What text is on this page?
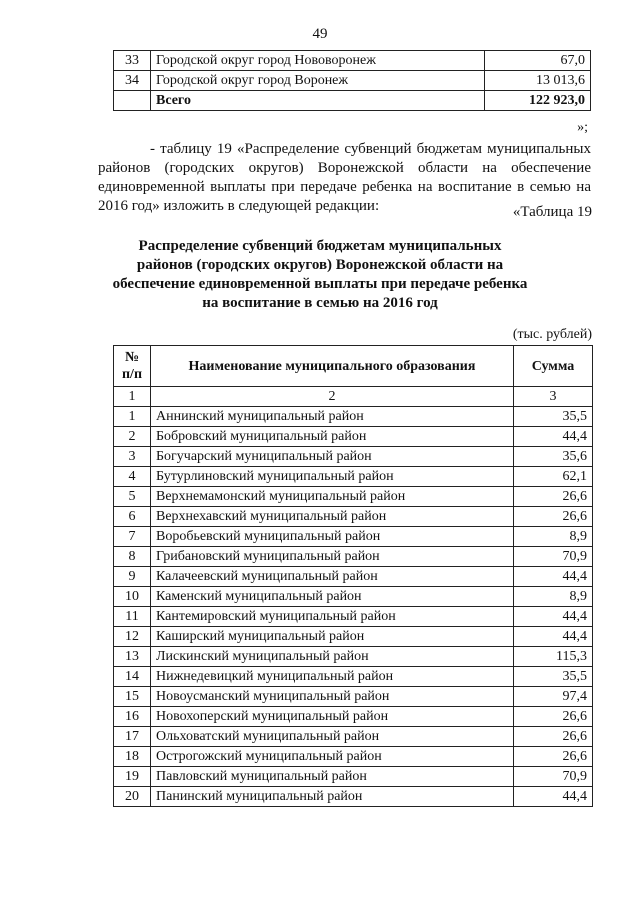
49
33	Городской округ город Нововоронеж	67,0
34	Городской округ город Воронеж	13 013,6
	Всего	122 923,0
»;
- таблицу 19 «Распределение субвенций бюджетам муниципальных районов (городских округов) Воронежской области на обеспечение единовременной выплаты при передаче ребенка на воспитание в семью на 2016 год» изложить в следующей редакции:	«Таблица 19
Распределение субвенций бюджетам муниципальных районов (городских округов) Воронежской области на обеспечение единовременной выплаты при передаче ребенка на воспитание в семью на 2016 год
(тыс. рублей)
№ п/п	Наименование муниципального образования	Сумма
1	2	3
1	Аннинский муниципальный район	35,5
2	Бобровский муниципальный район	44,4
3	Богучарский муниципальный район	35,6
4	Бутурлиновский муниципальный район	62,1
5	Верхнемамонский муниципальный район	26,6
6	Верхнехавский муниципальный район	26,6
7	Воробьевский муниципальный район	8,9
8	Грибановский муниципальный район	70,9
9	Калачеевский муниципальный район	44,4
10	Каменский муниципальный район	8,9
11	Кантемировский муниципальный район	44,4
12	Каширский муниципальный район	44,4
13	Лискинский муниципальный район	115,3
14	Нижнедевицкий муниципальный район	35,5
15	Новоусманский муниципальный район	97,4
16	Новохоперский муниципальный район	26,6
17	Ольховатский муниципальный район	26,6
18	Острогожский муниципальный район	26,6
19	Павловский муниципальный район	70,9
20	Панинский муниципальный район	44,4
